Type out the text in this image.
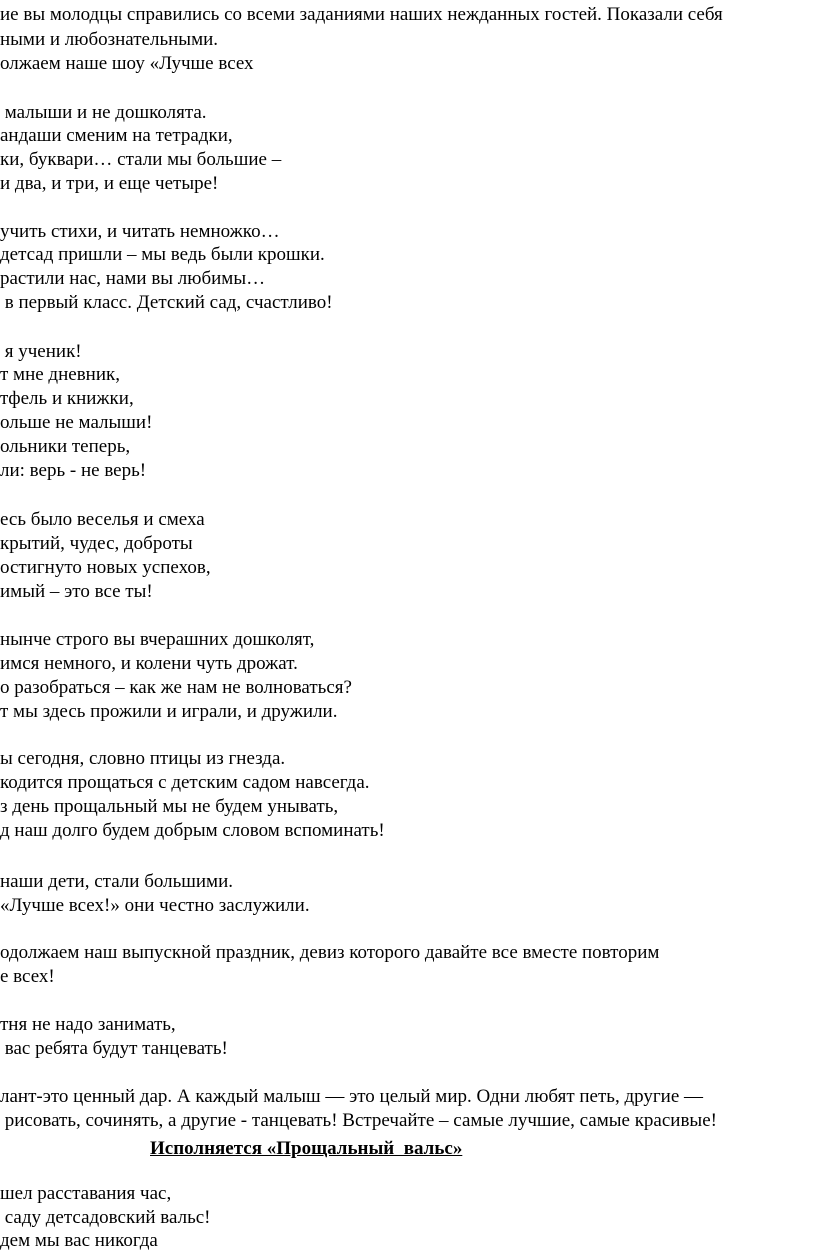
ие вы молодцы справились со всеми заданиями наших нежданных гостей. Показали себя
ными и любознательными.
олжаем наше шоу «Лучше всех
малыши и не дошколята.
андаши сменим на тетрадки,
ки, буквари… стали мы большие –
и два, и три, и еще четыре!
учить стихи, и читать немножко…
детсад пришли – мы ведь были крошки.
растили нас, нами вы любимы…
в первый класс. Детский сад, счастливо!
я ученик!
т мне дневник,
тфель и книжки,
ольше не малыши!
ольники теперь,
ли: верь - не верь!
есь было веселья и смеха
крытий, чудес, доброты
остигнуто новых успехов,
имый – это все ты!
нынче строго вы вчерашних дошколят,
имся немного, и колени чуть дрожат.
о разобраться – как же нам не волноваться?
т мы здесь прожили и играли, и дружили.
ы сегодня, словно птицы из гнезда.
кодится прощаться с детским садом навсегда.
з день прощальный мы не будем унывать,
д наш долго будем добрым словом вспоминать!
наши дети, стали большими.
«Лучше всех!» они честно заслужили.
одолжаем наш выпускной праздник, девиз которого давайте все вместе повторим
е всех!
тня не надо занимать,
вас ребята будут танцевать!
лант-это ценный дар. А каждый малыш — это целый мир. Одни любят петь, другие —
рисовать, сочинять, а другие - танцевать! Встречайте – самые лучшие, самые красивые!
Исполняется «Прощальный  вальс»
шел расставания час,
саду детсадовский вальс!
дем мы вас никогда
